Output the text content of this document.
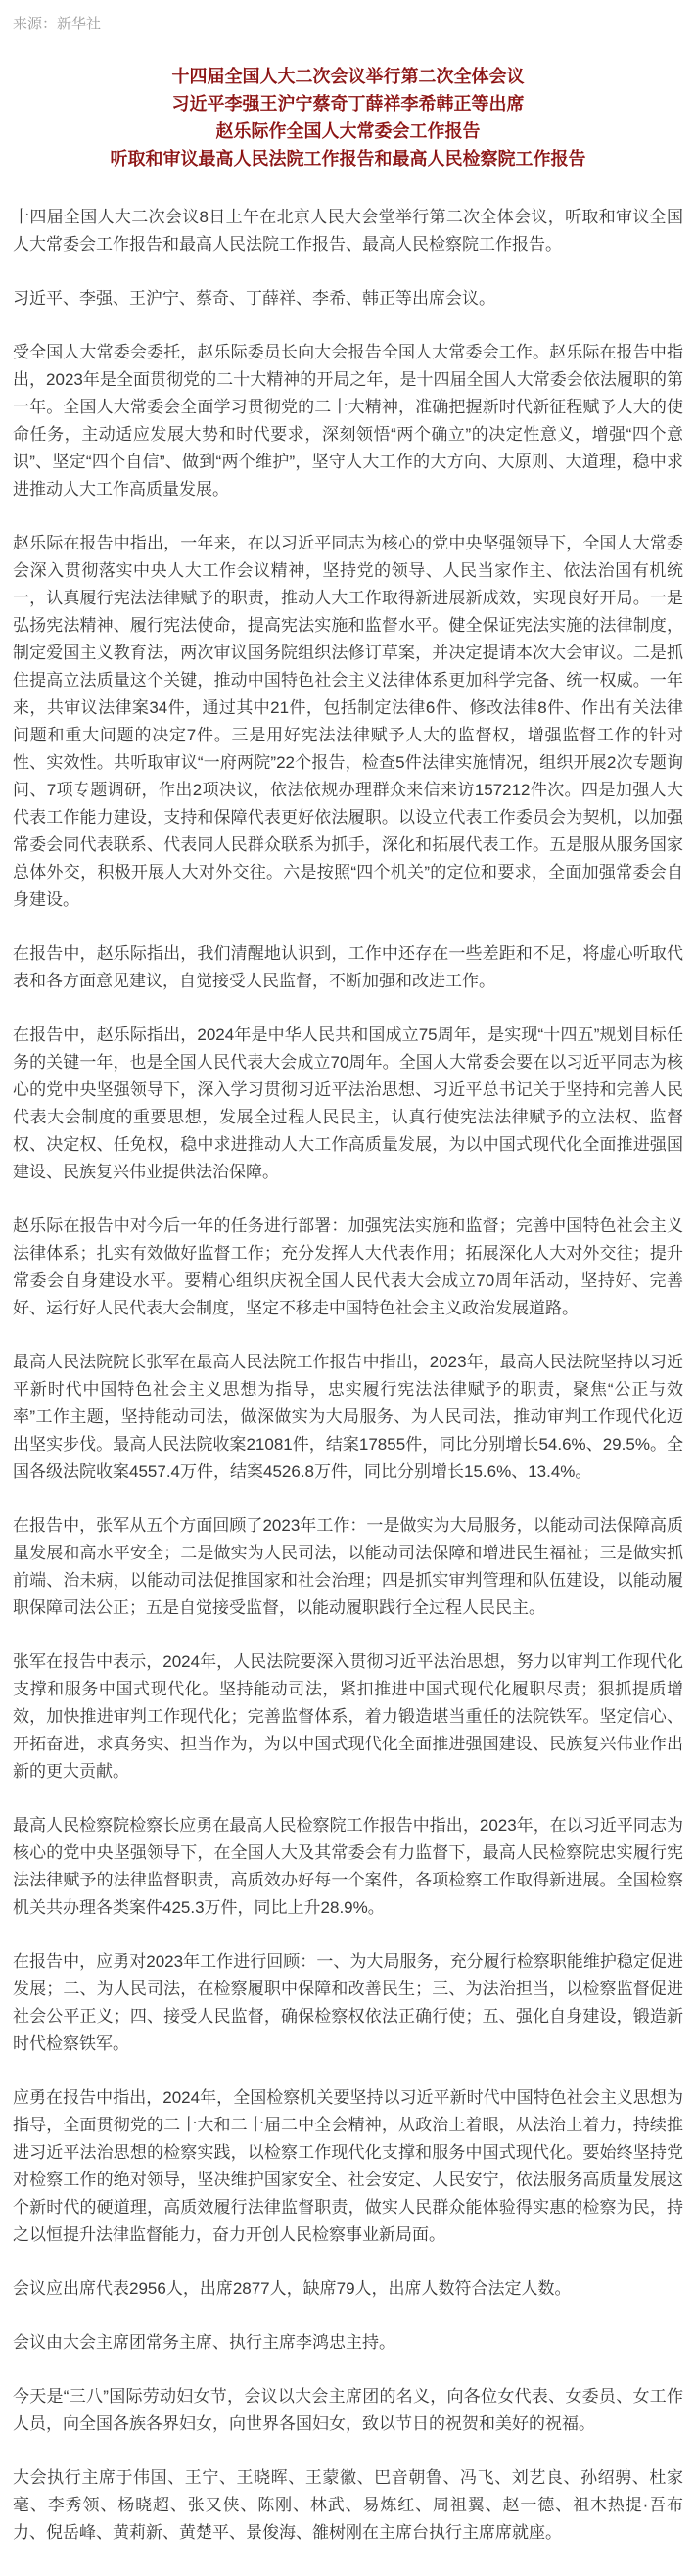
来源：新华社
十四届全国人大二次会议举行第二次全体会议
习近平李强王沪宁蔡奇丁薛祥李希韩正等出席
赵乐际作全国人大常委会工作报告
听取和审议最高人民法院工作报告和最高人民检察院工作报告

十四届全国人大二次会议8日上午在北京人民大会堂举行第二次全体会议，听取和审议全国人大常委会工作报告和最高人民法院工作报告、最高人民检察院工作报告。

习近平、李强、王沪宁、蔡奇、丁薛祥、李希、韩正等出席会议。

受全国人大常委会委托，赵乐际委员长向大会报告全国人大常委会工作。赵乐际在报告中指出，2023年是全面贯彻党的二十大精神的开局之年，是十四届全国人大常委会依法履职的第一年。全国人大常委会全面学习贯彻党的二十大精神，准确把握新时代新征程赋予人大的使命任务，主动适应发展大势和时代要求，深刻领悟“两个确立”的决定性意义，增强“四个意识”、坚定“四个自信”、做到“两个维护”，坚守人大工作的大方向、大原则、大道理，稳中求进推动人大工作高质量发展。

赵乐际在报告中指出，一年来，在以习近平同志为核心的党中央坚强领导下，全国人大常委会深入贯彻落实中央人大工作会议精神，坚持党的领导、人民当家作主、依法治国有机统一，认真履行宪法法律赋予的职责，推动人大工作取得新进展新成效，实现良好开局。一是弘扬宪法精神、履行宪法使命，提高宪法实施和监督水平。健全保证宪法实施的法律制度，制定爱国主义教育法，两次审议国务院组织法修订草案，并决定提请本次大会审议。二是抓住提高立法质量这个关键，推动中国特色社会主义法律体系更加科学完备、统一权威。一年来，共审议法律案34件，通过其中21件，包括制定法律6件、修改法律8件、作出有关法律问题和重大问题的决定7件。三是用好宪法法律赋予人大的监督权，增强监督工作的针对性、实效性。共听取审议“一府两院”22个报告，检查5件法律实施情况，组织开展2次专题询问、7项专题调研，作出2项决议，依法依规办理群众来信来访157212件次。四是加强人大代表工作能力建设，支持和保障代表更好依法履职。以设立代表工作委员会为契机，以加强常委会同代表联系、代表同人民群众联系为抓手，深化和拓展代表工作。五是服从服务国家总体外交，积极开展人大对外交往。六是按照“四个机关”的定位和要求，全面加强常委会自身建设。

在报告中，赵乐际指出，我们清醒地认识到，工作中还存在一些差距和不足，将虚心听取代表和各方面意见建议，自觉接受人民监督，不断加强和改进工作。

在报告中，赵乐际指出，2024年是中华人民共和国成立75周年，是实现“十四五”规划目标任务的关键一年，也是全国人民代表大会成立70周年。全国人大常委会要在以习近平同志为核心的党中央坚强领导下，深入学习贯彻习近平法治思想、习近平总书记关于坚持和完善人民代表大会制度的重要思想，发展全过程人民民主，认真行使宪法法律赋予的立法权、监督权、决定权、任免权，稳中求进推动人大工作高质量发展，为以中国式现代化全面推进强国建设、民族复兴伟业提供法治保障。

赵乐际在报告中对今后一年的任务进行部署：加强宪法实施和监督；完善中国特色社会主义法律体系；扎实有效做好监督工作；充分发挥人大代表作用；拓展深化人大对外交往；提升常委会自身建设水平。要精心组织庆祝全国人民代表大会成立70周年活动，坚持好、完善好、运行好人民代表大会制度，坚定不移走中国特色社会主义政治发展道路。

最高人民法院院长张军在最高人民法院工作报告中指出，2023年，最高人民法院坚持以习近平新时代中国特色社会主义思想为指导，忠实履行宪法法律赋予的职责，聚焦“公正与效率”工作主题，坚持能动司法，做深做实为大局服务、为人民司法，推动审判工作现代化迈出坚实步伐。最高人民法院收案21081件，结案17855件，同比分别增长54.6%、29.5%。全国各级法院收案4557.4万件，结案4526.8万件，同比分别增长15.6%、13.4%。

在报告中，张军从五个方面回顾了2023年工作：一是做实为大局服务，以能动司法保障高质量发展和高水平安全；二是做实为人民司法，以能动司法保障和增进民生福祉；三是做实抓前端、治未病，以能动司法促推国家和社会治理；四是抓实审判管理和队伍建设，以能动履职保障司法公正；五是自觉接受监督，以能动履职践行全过程人民民主。

张军在报告中表示，2024年，人民法院要深入贯彻习近平法治思想，努力以审判工作现代化支撑和服务中国式现代化。坚持能动司法，紧扣推进中国式现代化履职尽责；狠抓提质增效，加快推进审判工作现代化；完善监督体系，着力锻造堪当重任的法院铁军。坚定信心、开拓奋进，求真务实、担当作为，为以中国式现代化全面推进强国建设、民族复兴伟业作出新的更大贡献。

最高人民检察院检察长应勇在最高人民检察院工作报告中指出，2023年，在以习近平同志为核心的党中央坚强领导下，在全国人大及其常委会有力监督下，最高人民检察院忠实履行宪法法律赋予的法律监督职责，高质效办好每一个案件，各项检察工作取得新进展。全国检察机关共办理各类案件425.3万件，同比上升28.9%。

在报告中，应勇对2023年工作进行回顾：一、为大局服务，充分履行检察职能维护稳定促进发展；二、为人民司法，在检察履职中保障和改善民生；三、为法治担当，以检察监督促进社会公平正义；四、接受人民监督，确保检察权依法正确行使；五、强化自身建设，锻造新时代检察铁军。

应勇在报告中指出，2024年，全国检察机关要坚持以习近平新时代中国特色社会主义思想为指导，全面贯彻党的二十大和二十届二中全会精神，从政治上着眼，从法治上着力，持续推进习近平法治思想的检察实践，以检察工作现代化支撑和服务中国式现代化。要始终坚持党对检察工作的绝对领导，坚决维护国家安全、社会安定、人民安宁，依法服务高质量发展这个新时代的硬道理，高质效履行法律监督职责，做实人民群众能体验得实惠的检察为民，持之以恒提升法律监督能力，奋力开创人民检察事业新局面。

会议应出席代表2956人，出席2877人，缺席79人，出席人数符合法定人数。

会议由大会主席团常务主席、执行主席李鸿忠主持。

今天是“三八”国际劳动妇女节，会议以大会主席团的名义，向各位女代表、女委员、女工作人员，向全国各族各界妇女，向世界各国妇女，致以节日的祝贺和美好的祝福。

大会执行主席于伟国、王宁、王晓晖、王蒙徽、巴音朝鲁、冯飞、刘艺良、孙绍骋、杜家毫、李秀领、杨晓超、张又侠、陈刚、林武、易炼红、周祖翼、赵一德、祖木热提·吾布力、倪岳峰、黄莉新、黄楚平、景俊海、雒树刚在主席台执行主席席就座。
